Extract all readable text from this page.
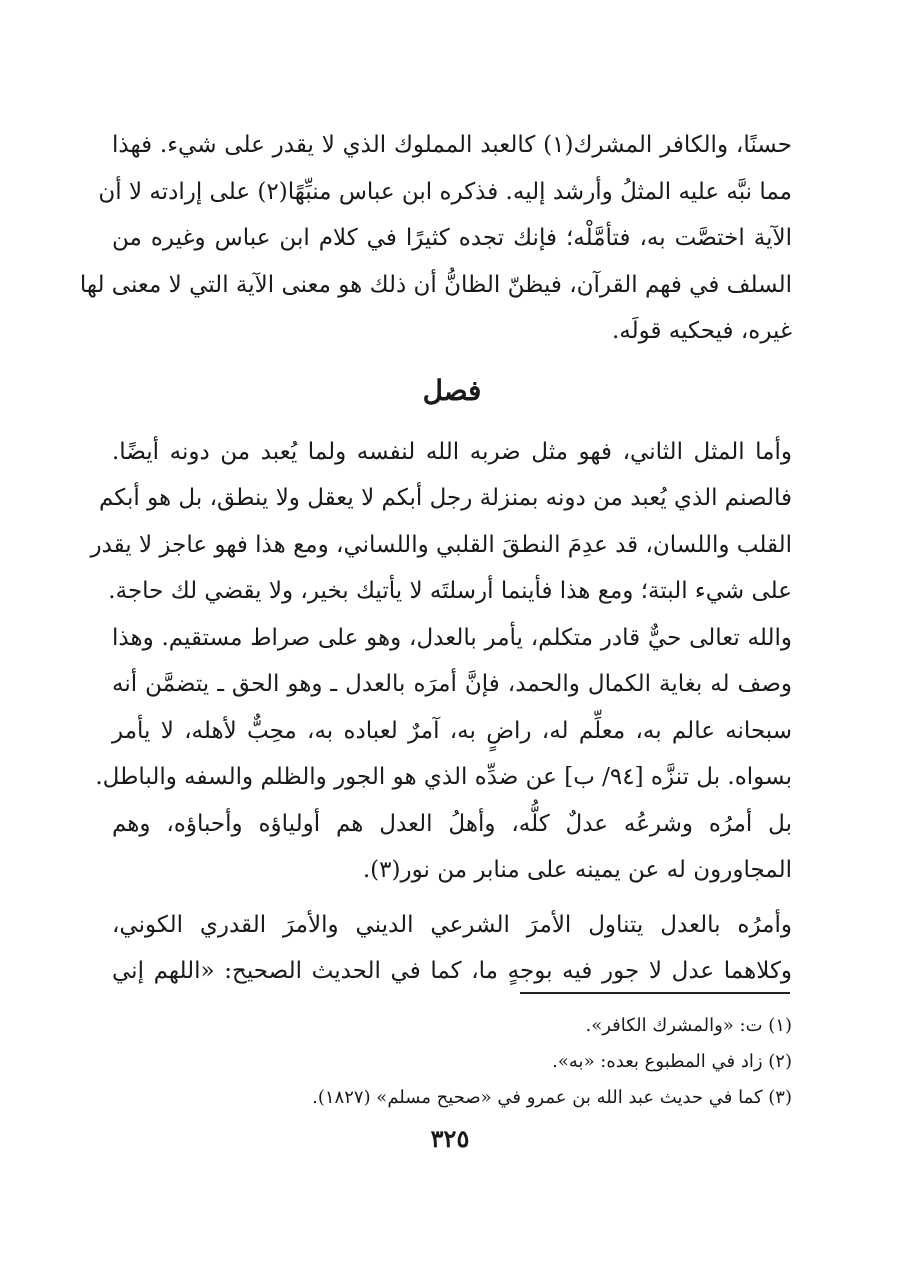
حسنًا، والكافر المشرك(١) كالعبد المملوك الذي لا يقدر على شيء. فهذا
مما نبَّه عليه المثلُ وأرشد إليه. فذكره ابن عباس منبِّهًا(٢) على إرادته لا أن
الآية اختصَّت به، فتأمَّلْه؛ فإنك تجده كثيرًا في كلام ابن عباس وغيره من
السلف في فهم القرآن، فيظنّ الظانُّ أن ذلك هو معنى الآية التي لا معنى لها
غيره، فيحكيه قولَه.

فصل

وأما المثل الثاني، فهو مثل ضربه الله لنفسه ولما يُعبد من دونه أيضًا.
فالصنم الذي يُعبد من دونه بمنزلة رجل أبكم لا يعقل ولا ينطق، بل هو أبكم
القلب واللسان، قد عدِمَ النطقَ القلبي واللساني، ومع هذا فهو عاجز لا يقدر
على شيء البتة؛ ومع هذا فأينما أرسلتَه لا يأتيك بخير، ولا يقضي لك حاجة.
والله تعالى حيٌّ قادر متكلم، يأمر بالعدل، وهو على صراط مستقيم. وهذا
وصف له بغاية الكمال والحمد، فإنَّ أمرَه بالعدل ـ وهو الحق ـ يتضمَّن أنه
سبحانه عالم به، معلِّم له، راضٍ به، آمرٌ لعباده به، محِبٌّ لأهله، لا يأمر
بسواه. بل تنزَّه [٩٤/ ب] عن ضدِّه الذي هو الجور والظلم والسفه والباطل.
بل أمرُه وشرعُه عدلٌ كلُّه، وأهلُ العدل هم أولياؤه وأحباؤه، وهم
المجاورون له عن يمينه على منابر من نور(٣).

وأمرُه بالعدل يتناول الأمرَ الشرعي الديني والأمرَ القدري الكوني،
وكلاهما عدل لا جور فيه بوجهٍ ما، كما في الحديث الصحيح: «اللهم إني

(١) ت: «والمشرك الكافر».

(٢) زاد في المطبوع بعده: «به».

(٣) كما في حديث عبد الله بن عمرو في «صحيح مسلم» (١٨٢٧).

٣٢٥
